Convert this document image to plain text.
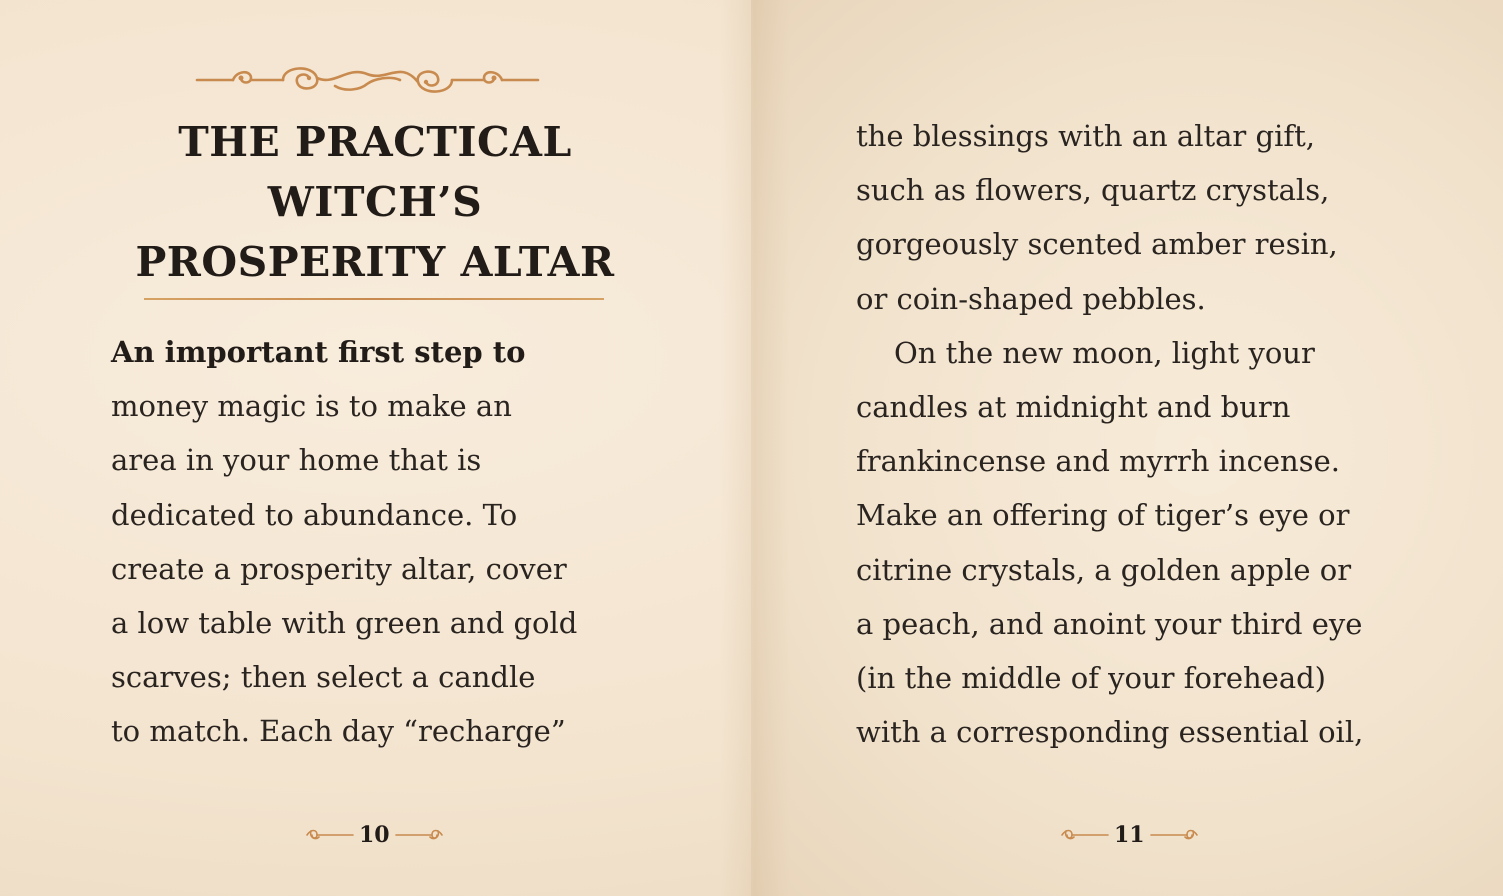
THE PRACTICAL
WITCH’S
PROSPERITY ALTAR
An important first step to
money magic is to make an
area in your home that is
dedicated to abundance. To
create a prosperity altar, cover
a low table with green and gold
scarves; then select a candle
to match. Each day “recharge”
the blessings with an altar gift,
such as flowers, quartz crystals,
gorgeously scented amber resin,
or coin-shaped pebbles.
On the new moon, light your
candles at midnight and burn
frankincense and myrrh incense.
Make an offering of tiger’s eye or
citrine crystals, a golden apple or
a peach, and anoint your third eye
(in the middle of your forehead)
with a corresponding essential oil,
10	11
